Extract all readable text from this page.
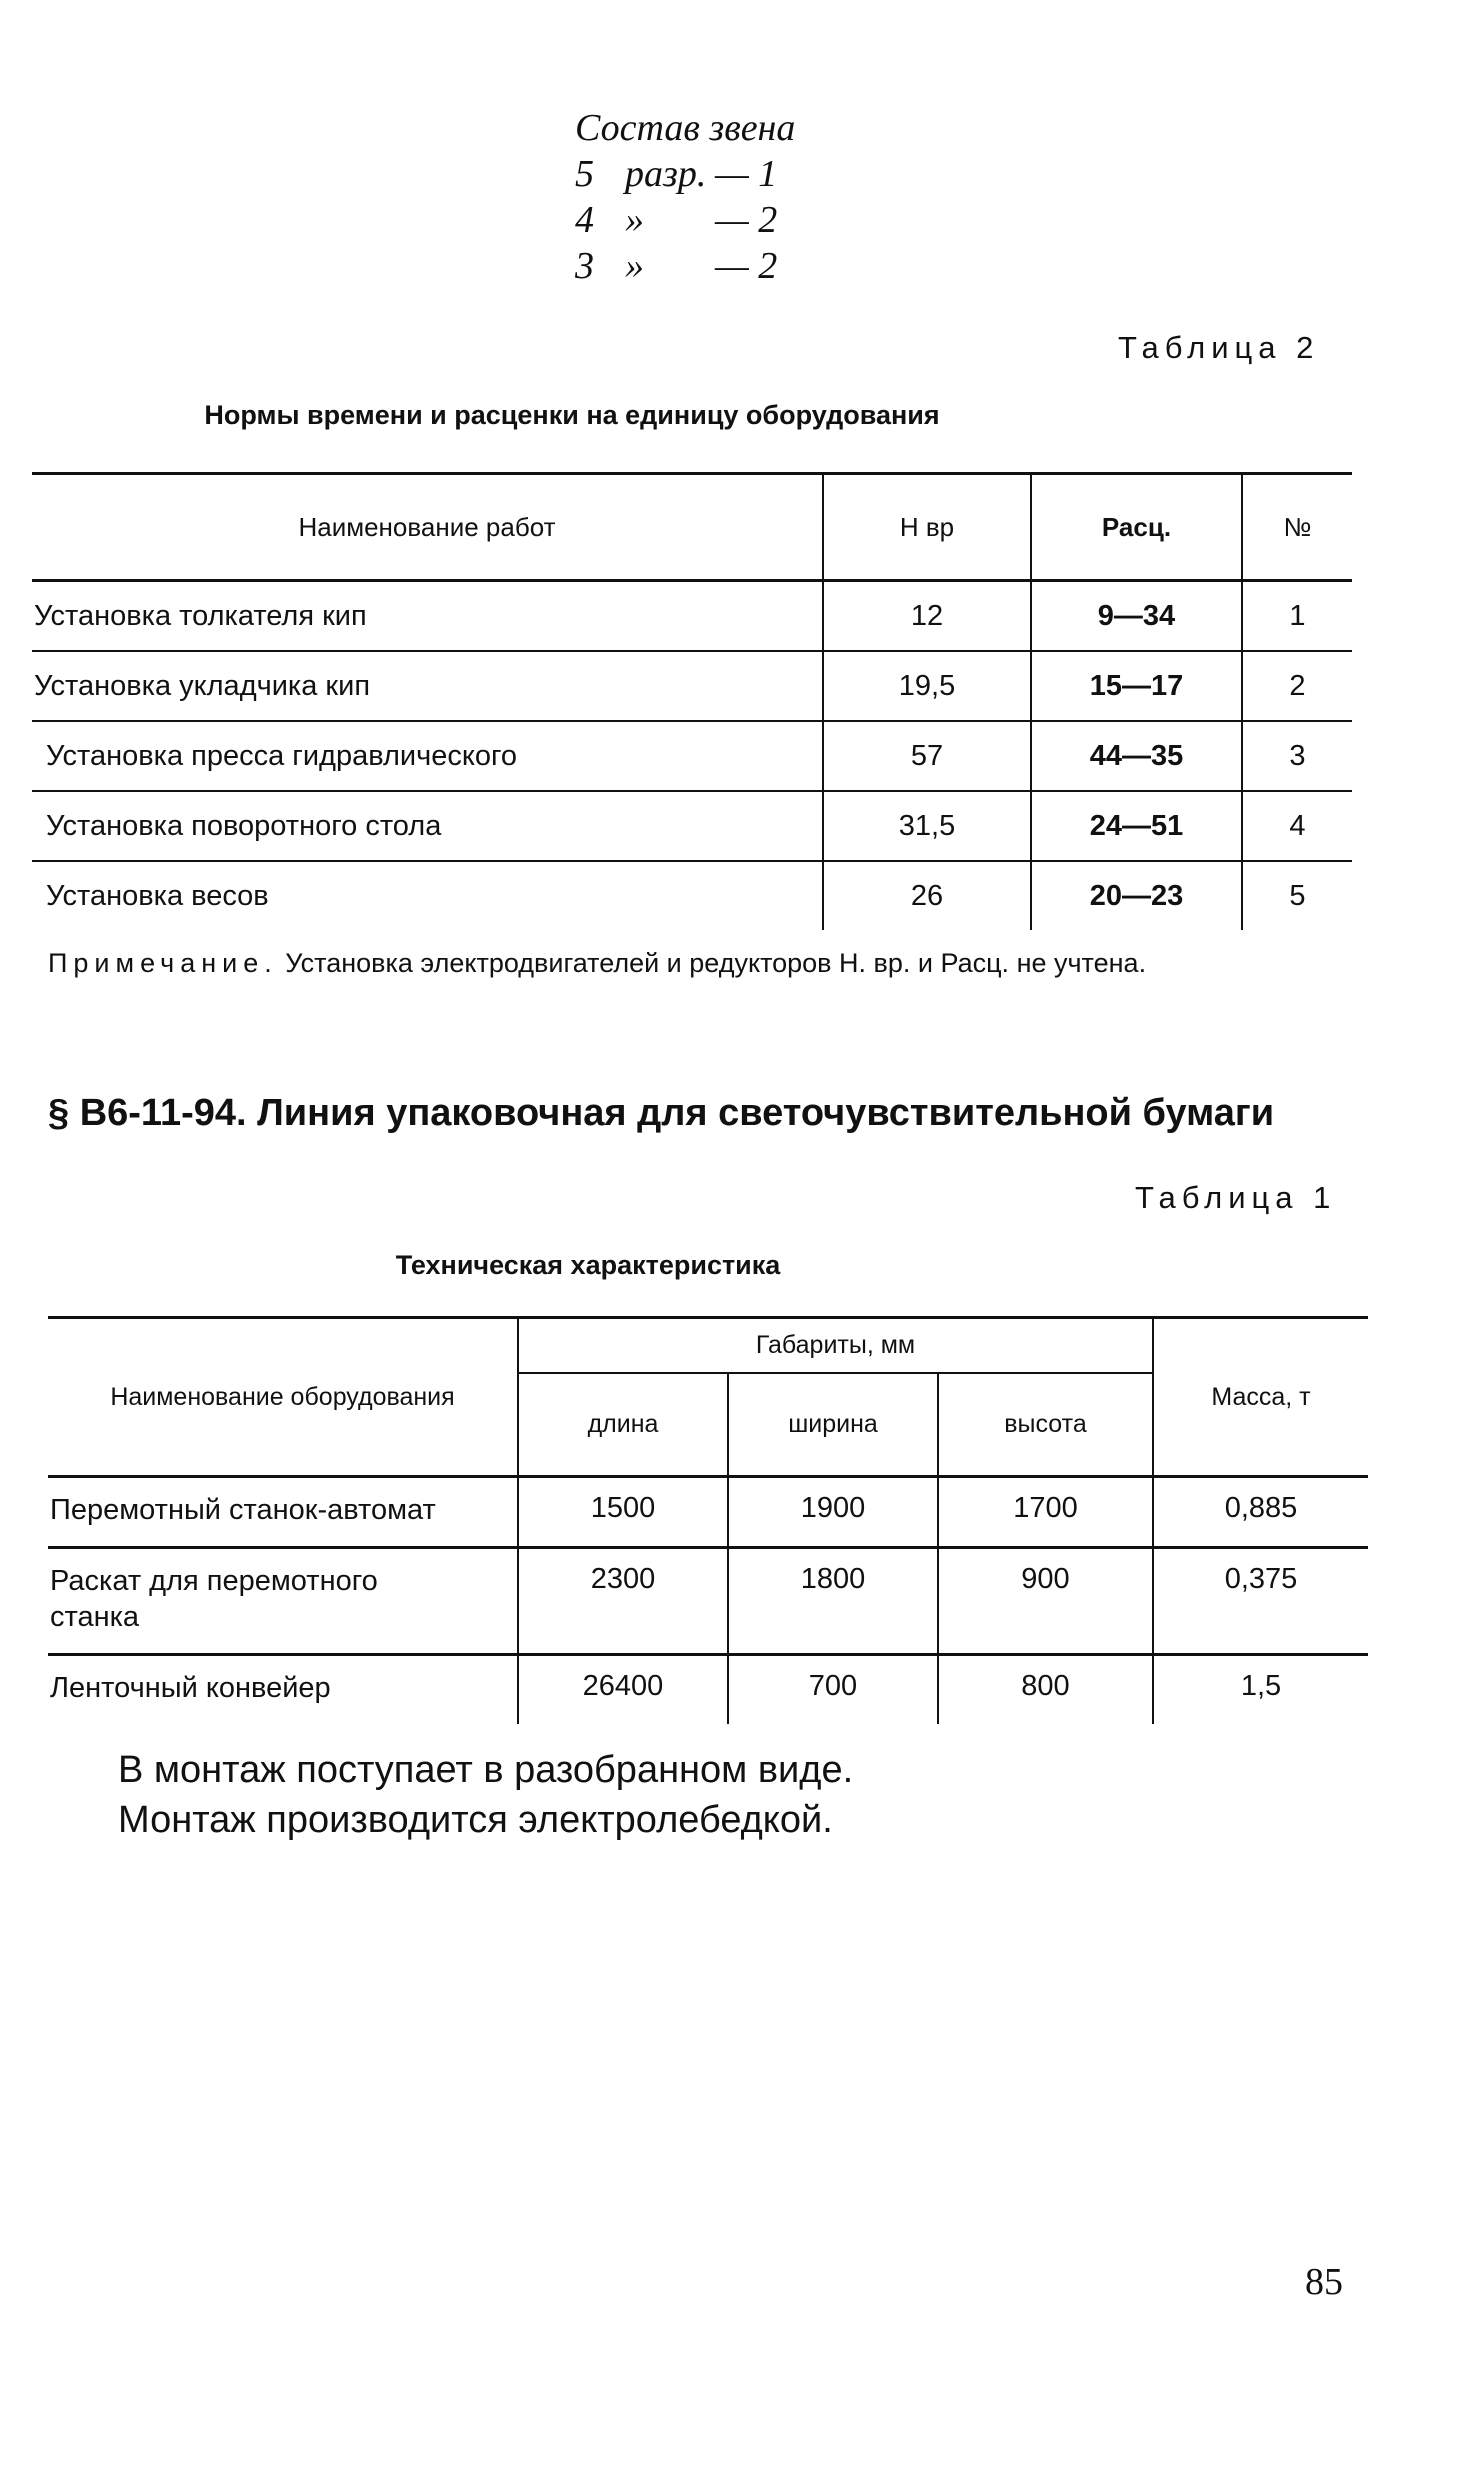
Состав звена
5 разр. — 1
4 »	— 2
3 »	— 2
Таблица 2
Нормы времени и расценки на единицу оборудования
Наименование работ	Н вр	Расц.	№
Установка толкателя кип	12	9—34	1
Установка укладчика кип	19,5	15—17	2
Установка пресса гидравлического	57	44—35	3
Установка поворотного стола	31,5	24—51	4
Установка весов	26	20—23	5
Примечание. Установка электродвигателей и редукторов Н. вр. и Расц. не учтена.
§ В6-11-94. Линия упаковочная для светочувствительной бумаги
Таблица 1
Техническая характеристика
Наименование оборудования	Габариты, мм			Масса, т
	длина	ширина	высота	
Перемотный станок-автомат	1500	1900	1700	0,885
Раскат для перемотного станка	2300	1800	900	0,375
Ленточный конвейер	26400	700	800	1,5
В монтаж поступает в разобранном виде.
Монтаж производится электролебедкой.
85
